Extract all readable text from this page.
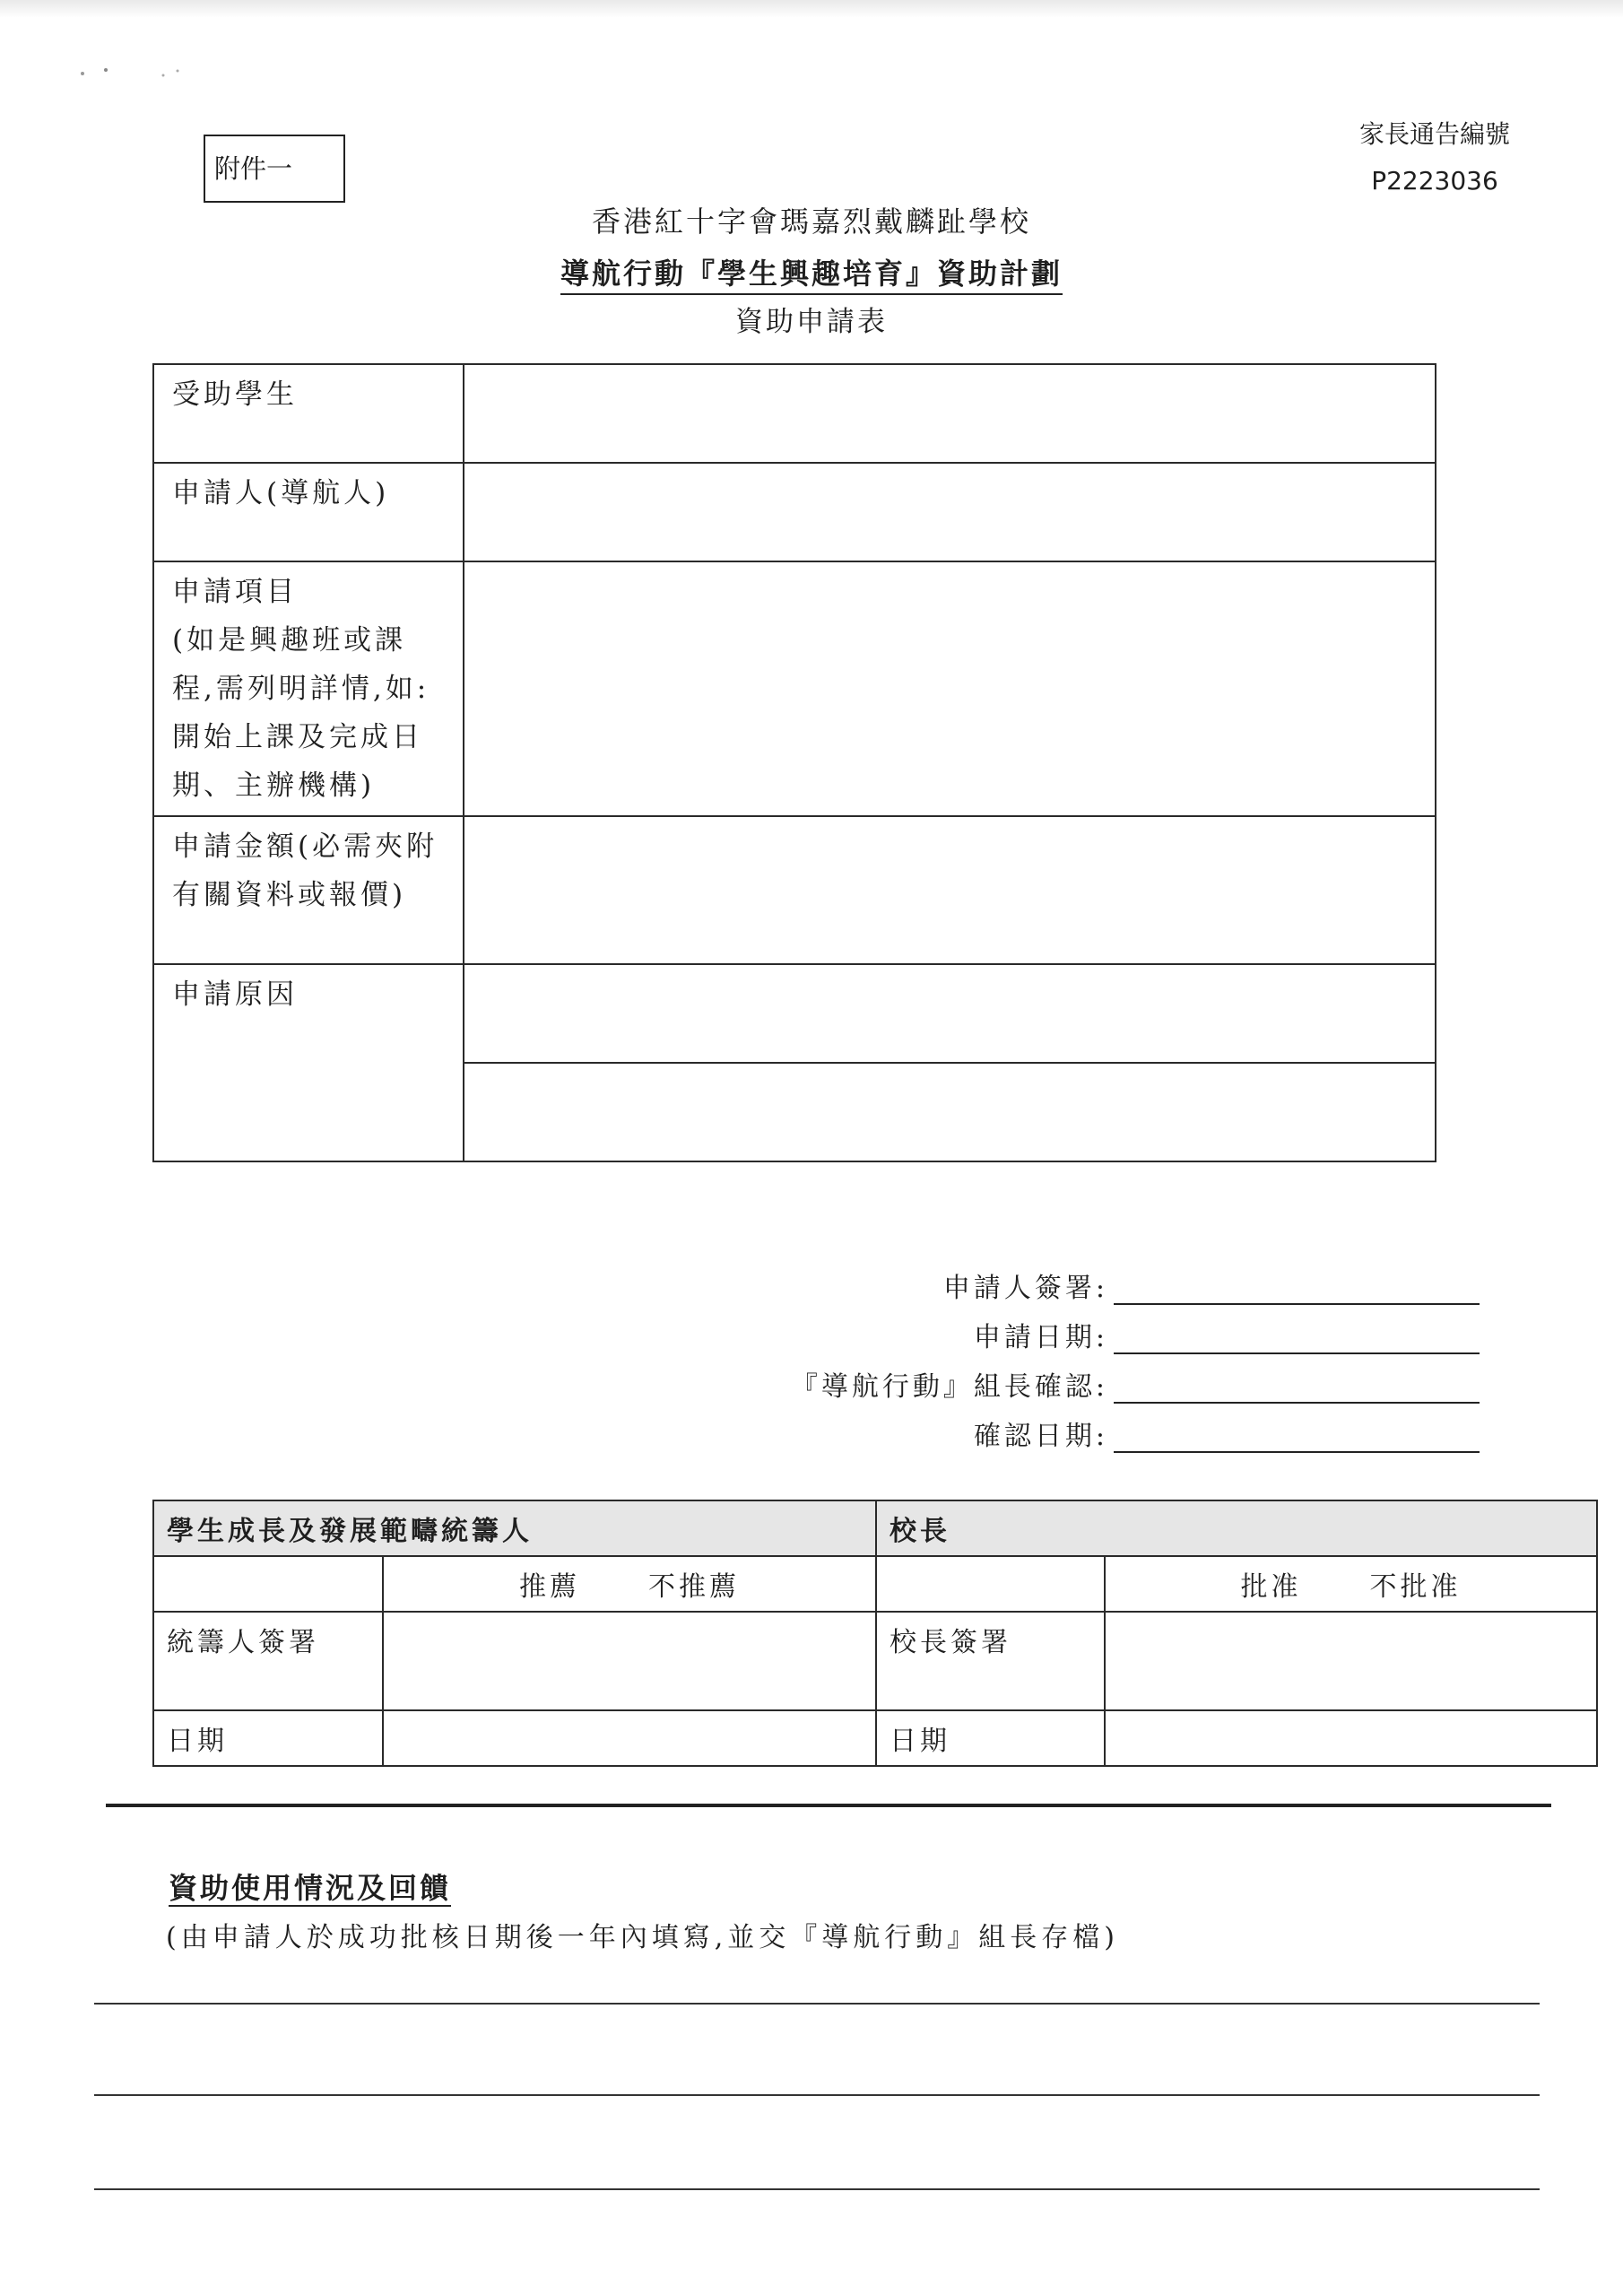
附件一
家長通告編號
P2223036
香港紅十字會瑪嘉烈戴麟趾學校
導航行動『學生興趣培育』資助計劃
資助申請表
受助學生	
申請人(導航人)	
申請項目
(如是興趣班或課程,需列明詳情,如:開始上課及完成日期、主辦機構)	
申請金額(必需夾附有關資料或報價)	
申請原因	

申請人簽署:
申請日期:
『導航行動』組長確認:
確認日期:
學生成長及發展範疇統籌人		校長	
	推薦 不推薦		批准 不批准
統籌人簽署		校長簽署	
日期		日期	
資助使用情況及回饋
(由申請人於成功批核日期後一年內填寫,並交『導航行動』組長存檔)
